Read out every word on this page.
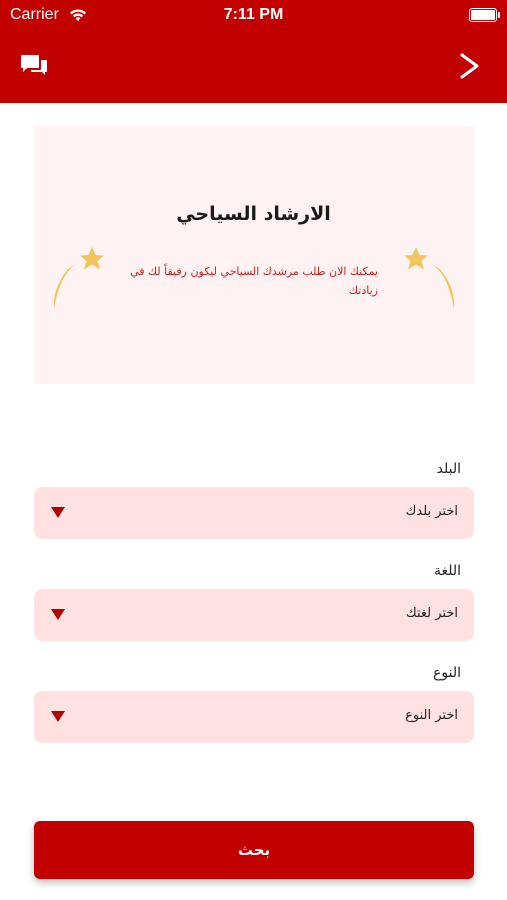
Carrier	7:11 PM
الارشاد السياحي
يمكنك الان طلب مرشدك السياحي ليكون رفيقاً لك في زيادتك
البلد
اختر بلدك
اللغة
اختر لغتك
النوع
اختر النوع
بحث
